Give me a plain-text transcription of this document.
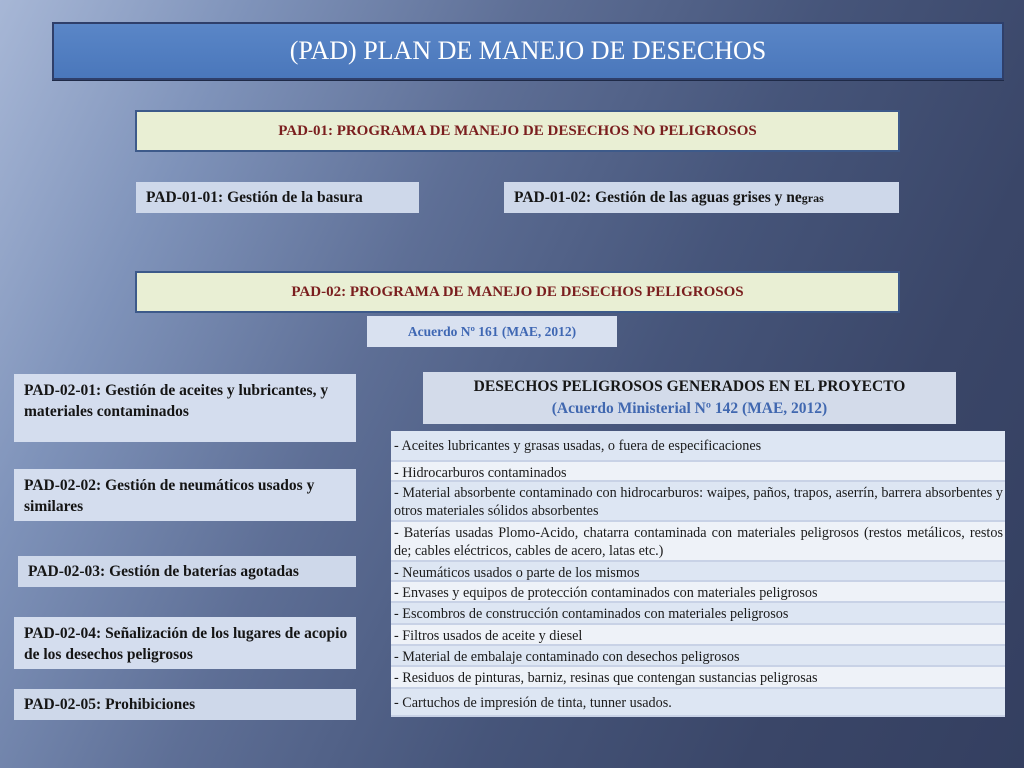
(PAD) PLAN DE MANEJO DE DESECHOS
PAD-01: PROGRAMA DE MANEJO DE DESECHOS NO PELIGROSOS
PAD-01-01: Gestión de la basura	PAD-01-02: Gestión de las aguas grises y negras
PAD-02: PROGRAMA DE MANEJO DE DESECHOS PELIGROSOS
Acuerdo Nº 161 (MAE, 2012)
PAD-02-01: Gestión de aceites y lubricantes, y materiales contaminados
PAD-02-02: Gestión de neumáticos usados y similares
PAD-02-03: Gestión de baterías agotadas
PAD-02-04: Señalización de los lugares de acopio de los desechos peligrosos
PAD-02-05: Prohibiciones
DESECHOS PELIGROSOS GENERADOS EN EL PROYECTO
(Acuerdo Ministerial Nº 142 (MAE, 2012)
- Aceites lubricantes y grasas usadas, o fuera de especificaciones
- Hidrocarburos contaminados
- Material absorbente contaminado con hidrocarburos: waipes, paños, trapos, aserrín, barrera absorbentes y otros materiales sólidos absorbentes
- Baterías usadas Plomo-Acido, chatarra contaminada con materiales peligrosos (restos metálicos, restos de; cables eléctricos, cables de acero, latas etc.)
- Neumáticos usados o parte de los mismos
- Envases y equipos de protección contaminados con materiales peligrosos
- Escombros de construcción contaminados con materiales peligrosos
- Filtros usados de aceite y diesel
- Material de embalaje contaminado con desechos peligrosos
- Residuos de pinturas, barniz, resinas que contengan sustancias peligrosas
- Cartuchos de impresión de tinta, tunner usados.
